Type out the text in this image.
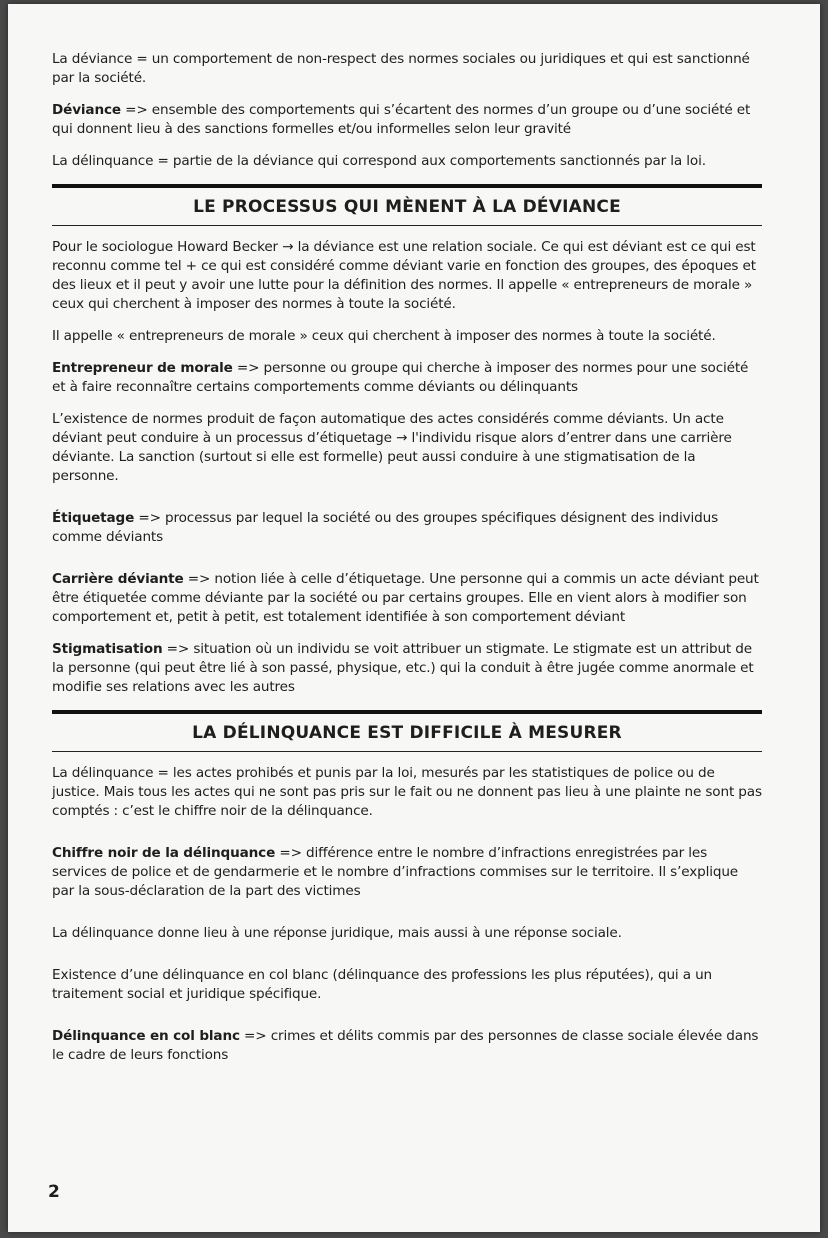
La déviance = un comportement de non-respect des normes sociales ou juridiques et qui est sanctionné par la société.

Déviance => ensemble des comportements qui s’écartent des normes d’un groupe ou d’une société et qui donnent lieu à des sanctions formelles et/ou informelles selon leur gravité

La délinquance = partie de la déviance qui correspond aux comportements sanctionnés par la loi.

LE PROCESSUS QUI MÈNENT À LA DÉVIANCE

Pour le sociologue Howard Becker → la déviance est une relation sociale. Ce qui est déviant est ce qui est reconnu comme tel + ce qui est considéré comme déviant varie en fonction des groupes, des époques et des lieux et il peut y avoir une lutte pour la définition des normes. Il appelle « entrepreneurs de morale » ceux qui cherchent à imposer des normes à toute la société.

Il appelle « entrepreneurs de morale » ceux qui cherchent à imposer des normes à toute la société.

Entrepreneur de morale => personne ou groupe qui cherche à imposer des normes pour une société et à faire reconnaître certains comportements comme déviants ou délinquants

L’existence de normes produit de façon automatique des actes considérés comme déviants. Un acte déviant peut conduire à un processus d’étiquetage → l'individu risque alors d’entrer dans une carrière déviante. La sanction (surtout si elle est formelle) peut aussi conduire à une stigmatisation de la personne.

Étiquetage => processus par lequel la société ou des groupes spécifiques désignent des individus comme déviants

Carrière déviante => notion liée à celle d’étiquetage. Une personne qui a commis un acte déviant peut être étiquetée comme déviante par la société ou par certains groupes. Elle en vient alors à modifier son comportement et, petit à petit, est totalement identifiée à son comportement déviant

Stigmatisation => situation où un individu se voit attribuer un stigmate. Le stigmate est un attribut de la personne (qui peut être lié à son passé, physique, etc.) qui la conduit à être jugée comme anormale et modifie ses relations avec les autres

LA DÉLINQUANCE EST DIFFICILE À MESURER

La délinquance = les actes prohibés et punis par la loi, mesurés par les statistiques de police ou de justice. Mais tous les actes qui ne sont pas pris sur le fait ou ne donnent pas lieu à une plainte ne sont pas comptés : c’est le chiffre noir de la délinquance.

Chiffre noir de la délinquance => différence entre le nombre d’infractions enregistrées par les services de police et de gendarmerie et le nombre d’infractions commises sur le territoire. Il s’explique par la sous-déclaration de la part des victimes

La délinquance donne lieu à une réponse juridique, mais aussi à une réponse sociale.

Existence d’une délinquance en col blanc (délinquance des professions les plus réputées), qui a un traitement social et juridique spécifique.

Délinquance en col blanc => crimes et délits commis par des personnes de classe sociale élevée dans le cadre de leurs fonctions

2
